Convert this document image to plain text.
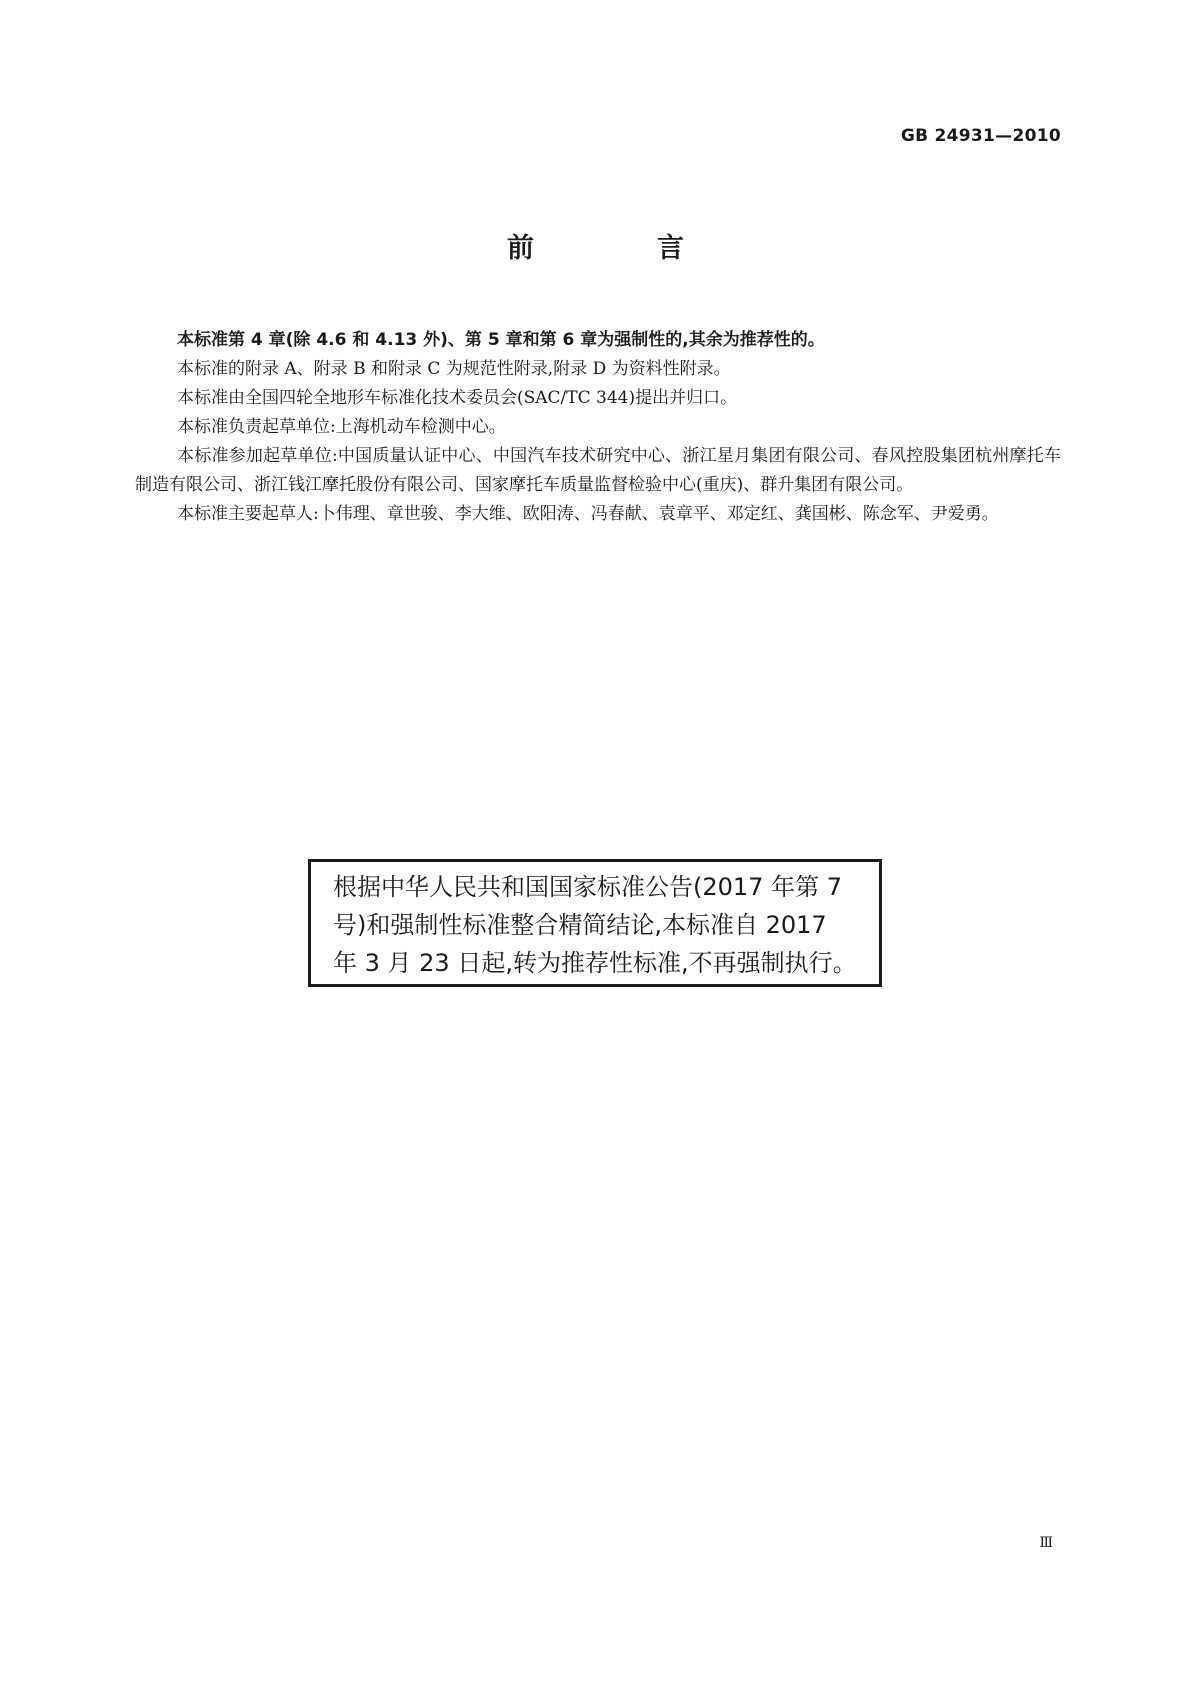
GB 24931—2010
前　言

本标准第 4 章(除 4.6 和 4.13 外)、第 5 章和第 6 章为强制性的,其余为推荐性的。

本标准的附录 A、附录 B 和附录 C 为规范性附录,附录 D 为资料性附录。

本标准由全国四轮全地形车标准化技术委员会(SAC/TC 344)提出并归口。

本标准负责起草单位:上海机动车检测中心。

本标准参加起草单位:中国质量认证中心、中国汽车技术研究中心、浙江星月集团有限公司、春风控股集团杭州摩托车制造有限公司、浙江钱江摩托股份有限公司、国家摩托车质量监督检验中心(重庆)、群升集团有限公司。

本标准主要起草人:卜伟理、章世骏、李大维、欧阳涛、冯春献、袁章平、邓定红、龚国彬、陈念军、尹爱勇。

根据中华人民共和国国家标准公告(2017 年第 7

号)和强制性标准整合精简结论,本标准自 2017

年 3 月 23 日起,转为推荐性标准,不再强制执行。

Ⅲ
